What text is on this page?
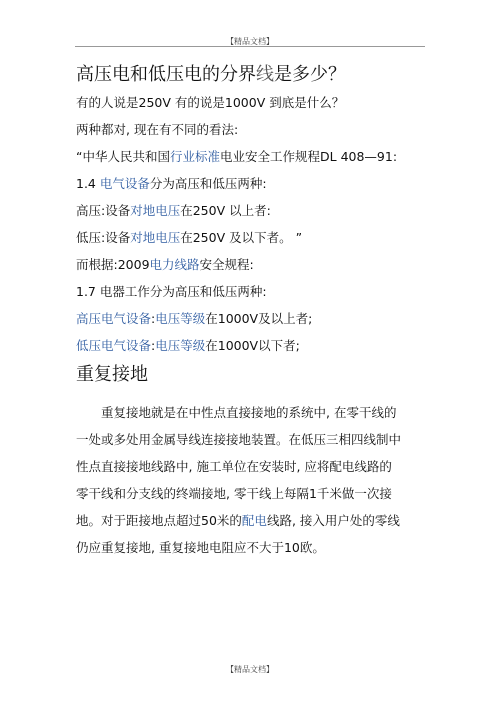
【精品文档】
高压电和低压电的分界线是多少？
有的人说是250V 有的说是1000V 到底是什么？
两种都对, 现在有不同的看法:
“中华人民共和国行业标准电业安全工作规程DL 408—91:
1.4 电气设备分为高压和低压两种:
高压:设备对地电压在250V 以上者:
低压:设备对地电压在250V 及以下者。 ”
而根据:2009电力线路安全规程:
1.7 电器工作分为高压和低压两种:
高压电气设备:电压等级在1000V及以上者;
低压电气设备:电压等级在1000V以下者;
重复接地
　　重复接地就是在中性点直接接地的系统中, 在零干线的
一处或多处用金属导线连接接地装置。在低压三相四线制中
性点直接接地线路中, 施工单位在安装时, 应将配电线路的
零干线和分支线的终端接地, 零干线上每隔1千米做一次接
地。对于距接地点超过50米的配电线路, 接入用户处的零线
仍应重复接地, 重复接地电阻应不大于10欧。
【精品文档】
